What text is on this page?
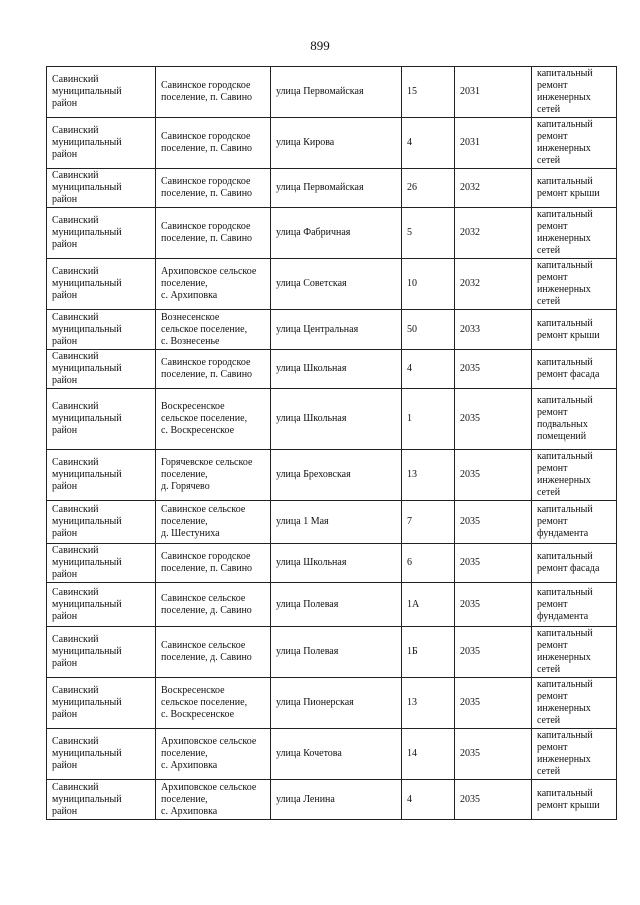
899
Савинский
муниципальный
район	Савинское городское
поселение, п. Савино	улица Первомайская	15	2031	капитальный
ремонт
инженерных
сетей

Савинский
муниципальный
район	Савинское городское
поселение, п. Савино	улица Кирова	4	2031	капитальный
ремонт
инженерных
сетей

Савинский
муниципальный
район	Савинское городское
поселение, п. Савино	улица Первомайская	26	2032	капитальный
ремонт крыши

Савинский
муниципальный
район	Савинское городское
поселение, п. Савино	улица Фабричная	5	2032	капитальный
ремонт
инженерных
сетей

Савинский
муниципальный
район	Архиповское сельское
поселение,
с. Архиповка	улица Советская	10	2032	капитальный
ремонт
инженерных
сетей

Савинский
муниципальный
район	Вознесенское
сельское поселение,
с. Вознесенье	улица Центральная	50	2033	капитальный
ремонт крыши

Савинский
муниципальный
район	Савинское городское
поселение, п. Савино	улица Школьная	4	2035	капитальный
ремонт фасада

Савинский
муниципальный
район	Воскресенское
сельское поселение,
с. Воскресенское	улица Школьная	1	2035	капитальный
ремонт
подвальных
помещений

Савинский
муниципальный
район	Горячевское сельское
поселение,
д. Горячево	улица Бреховская	13	2035	капитальный
ремонт
инженерных
сетей

Савинский
муниципальный
район	Савинское сельское
поселение,
д. Шестуниха	улица 1 Мая	7	2035	капитальный
ремонт
фундамента

Савинский
муниципальный
район	Савинское городское
поселение, п. Савино	улица Школьная	6	2035	капитальный
ремонт фасада

Савинский
муниципальный
район	Савинское сельское
поселение, д. Савино	улица Полевая	1А	2035	капитальный
ремонт
фундамента

Савинский
муниципальный
район	Савинское сельское
поселение, д. Савино	улица Полевая	1Б	2035	капитальный
ремонт
инженерных
сетей

Савинский
муниципальный
район	Воскресенское
сельское поселение,
с. Воскресенское	улица Пионерская	13	2035	капитальный
ремонт
инженерных
сетей

Савинский
муниципальный
район	Архиповское сельское
поселение,
с. Архиповка	улица Кочетова	14	2035	капитальный
ремонт
инженерных
сетей

Савинский
муниципальный
район	Архиповское сельское
поселение,
с. Архиповка	улица Ленина	4	2035	капитальный
ремонт крыши
